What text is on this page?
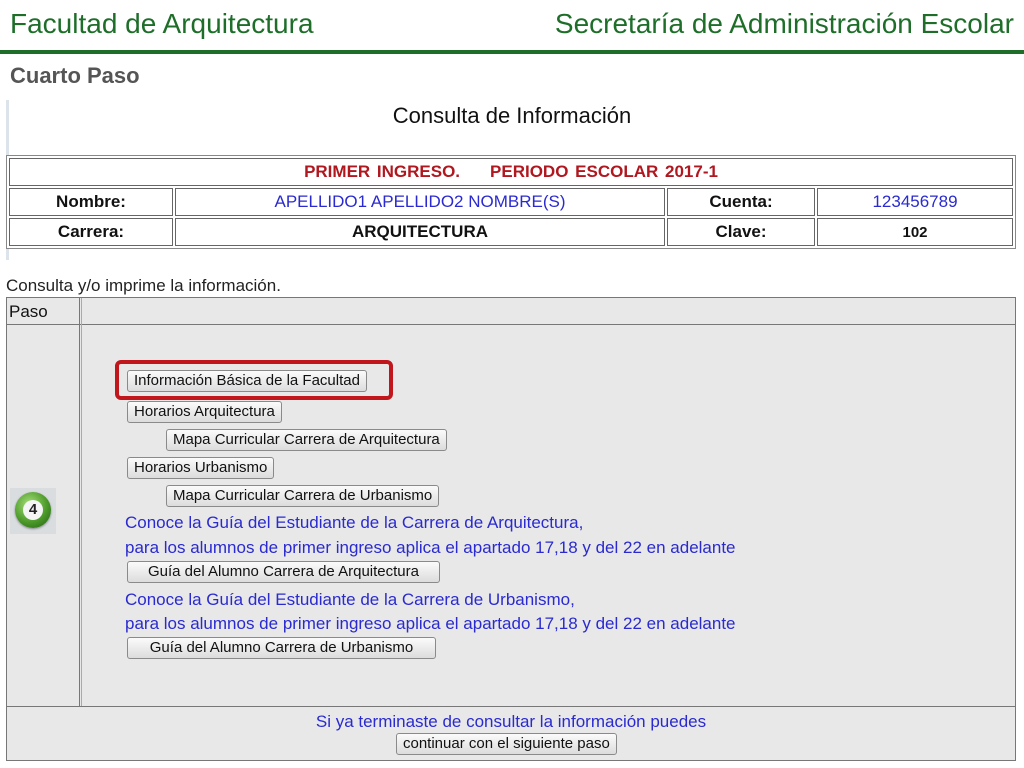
Facultad de Arquitectura	Secretaría de Administración Escolar
Cuarto Paso
Consulta de Información
PRIMER INGRESO. PERIODO ESCOLAR 2017-1			
Nombre:	APELLIDO1 APELLIDO2 NOMBRE(S)	Cuenta:	123456789
Carrera:	ARQUITECTURA	Clave:	102
Consulta y/o imprime la información.
Paso
4
Información Básica de la Facultad
Horarios Arquitectura
Mapa Curricular Carrera de Arquitectura
Horarios Urbanismo
Mapa Curricular Carrera de Urbanismo
Conoce la Guía del Estudiante de la Carrera de Arquitectura,
para los alumnos de primer ingreso aplica el apartado 17,18 y del 22 en adelante
Guía del Alumno Carrera de Arquitectura
Conoce la Guía del Estudiante de la Carrera de Urbanismo,
para los alumnos de primer ingreso aplica el apartado 17,18 y del 22 en adelante
Guía del Alumno Carrera de Urbanismo
Si ya terminaste de consultar la información puedes
continuar con el siguiente paso
